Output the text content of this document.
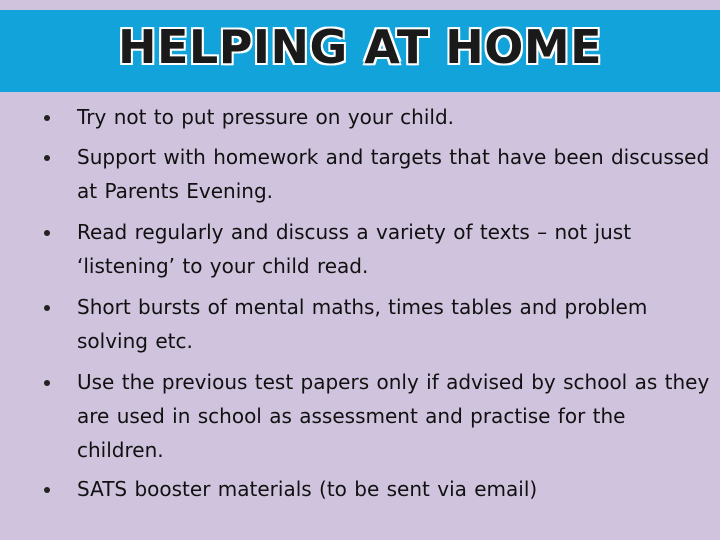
HELPING AT HOME
Try not to put pressure on your child.
Support with homework and targets that have been discussed at Parents Evening.
Read regularly and discuss a variety of texts – not just ‘listening’ to your child read.
Short bursts of mental maths, times tables and problem solving etc.
Use the previous test papers only if advised by school as they are used in school as assessment and practise for the children.
SATS booster materials (to be sent via email)
